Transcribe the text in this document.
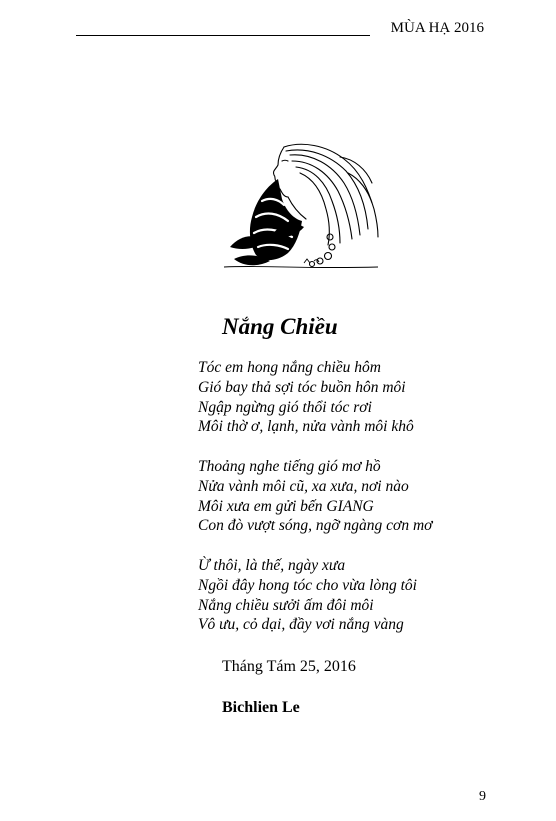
MÙA HẠ 2016
Nắng Chiều
Tóc em hong nắng chiều hôm
Gió bay thả sợi tóc buồn hôn môi
Ngập ngừng gió thổi tóc rơi
Môi thờ ơ, lạnh, nửa vành môi khô
Thoảng nghe tiếng gió mơ hồ
Nửa vành môi cũ, xa xưa, nơi nào
Môi xưa em gửi bến GIANG
Con đò vượt sóng, ngỡ ngàng cơn mơ
Ừ thôi, là thế, ngày xưa
Ngồi đây hong tóc cho vừa lòng tôi
Nắng chiều sưởi ấm đôi môi
Vô ưu, cỏ dại, đầy vơi nắng vàng
Tháng Tám 25, 2016
Bichlien Le
9
